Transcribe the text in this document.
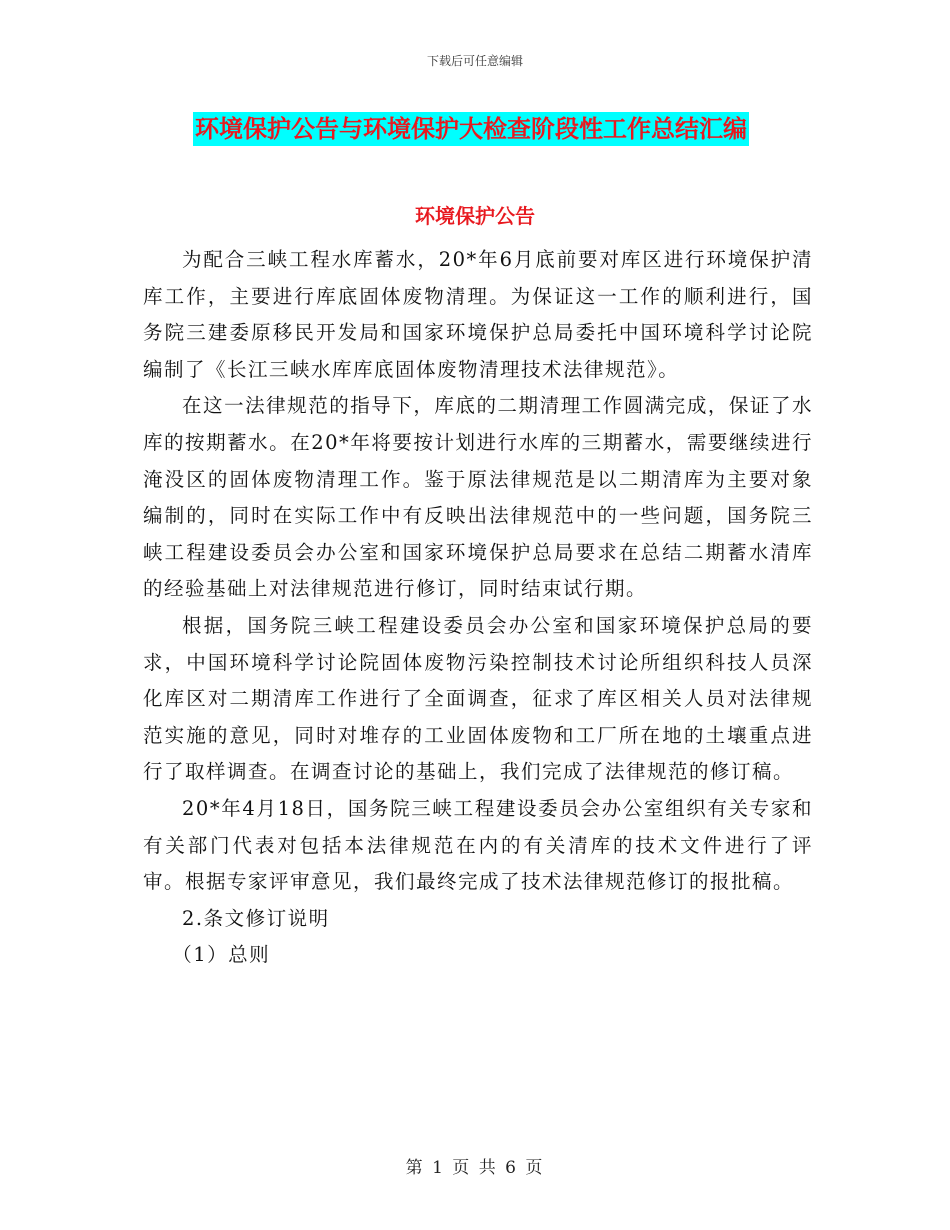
下载后可任意编辑
环境保护公告与环境保护大检查阶段性工作总结汇编
环境保护公告

为配合三峡工程水库蓄水，20*年6月底前要对库区进行环境保护清库工作，主要进行库底固体废物清理。为保证这一工作的顺利进行，国务院三建委原移民开发局和国家环境保护总局委托中国环境科学讨论院编制了《长江三峡水库库底固体废物清理技术法律规范》。

在这一法律规范的指导下，库底的二期清理工作圆满完成，保证了水库的按期蓄水。在20*年将要按计划进行水库的三期蓄水，需要继续进行淹没区的固体废物清理工作。鉴于原法律规范是以二期清库为主要对象编制的，同时在实际工作中有反映出法律规范中的一些问题，国务院三峡工程建设委员会办公室和国家环境保护总局要求在总结二期蓄水清库的经验基础上对法律规范进行修订，同时结束试行期。

根据，国务院三峡工程建设委员会办公室和国家环境保护总局的要求，中国环境科学讨论院固体废物污染控制技术讨论所组织科技人员深化库区对二期清库工作进行了全面调查，征求了库区相关人员对法律规范实施的意见，同时对堆存的工业固体废物和工厂所在地的土壤重点进行了取样调查。在调查讨论的基础上，我们完成了法律规范的修订稿。

20*年4月18日，国务院三峡工程建设委员会办公室组织有关专家和有关部门代表对包括本法律规范在内的有关清库的技术文件进行了评审。根据专家评审意见，我们最终完成了技术法律规范修订的报批稿。

2.条文修订说明

（1）总则

第 1 页 共 6 页
